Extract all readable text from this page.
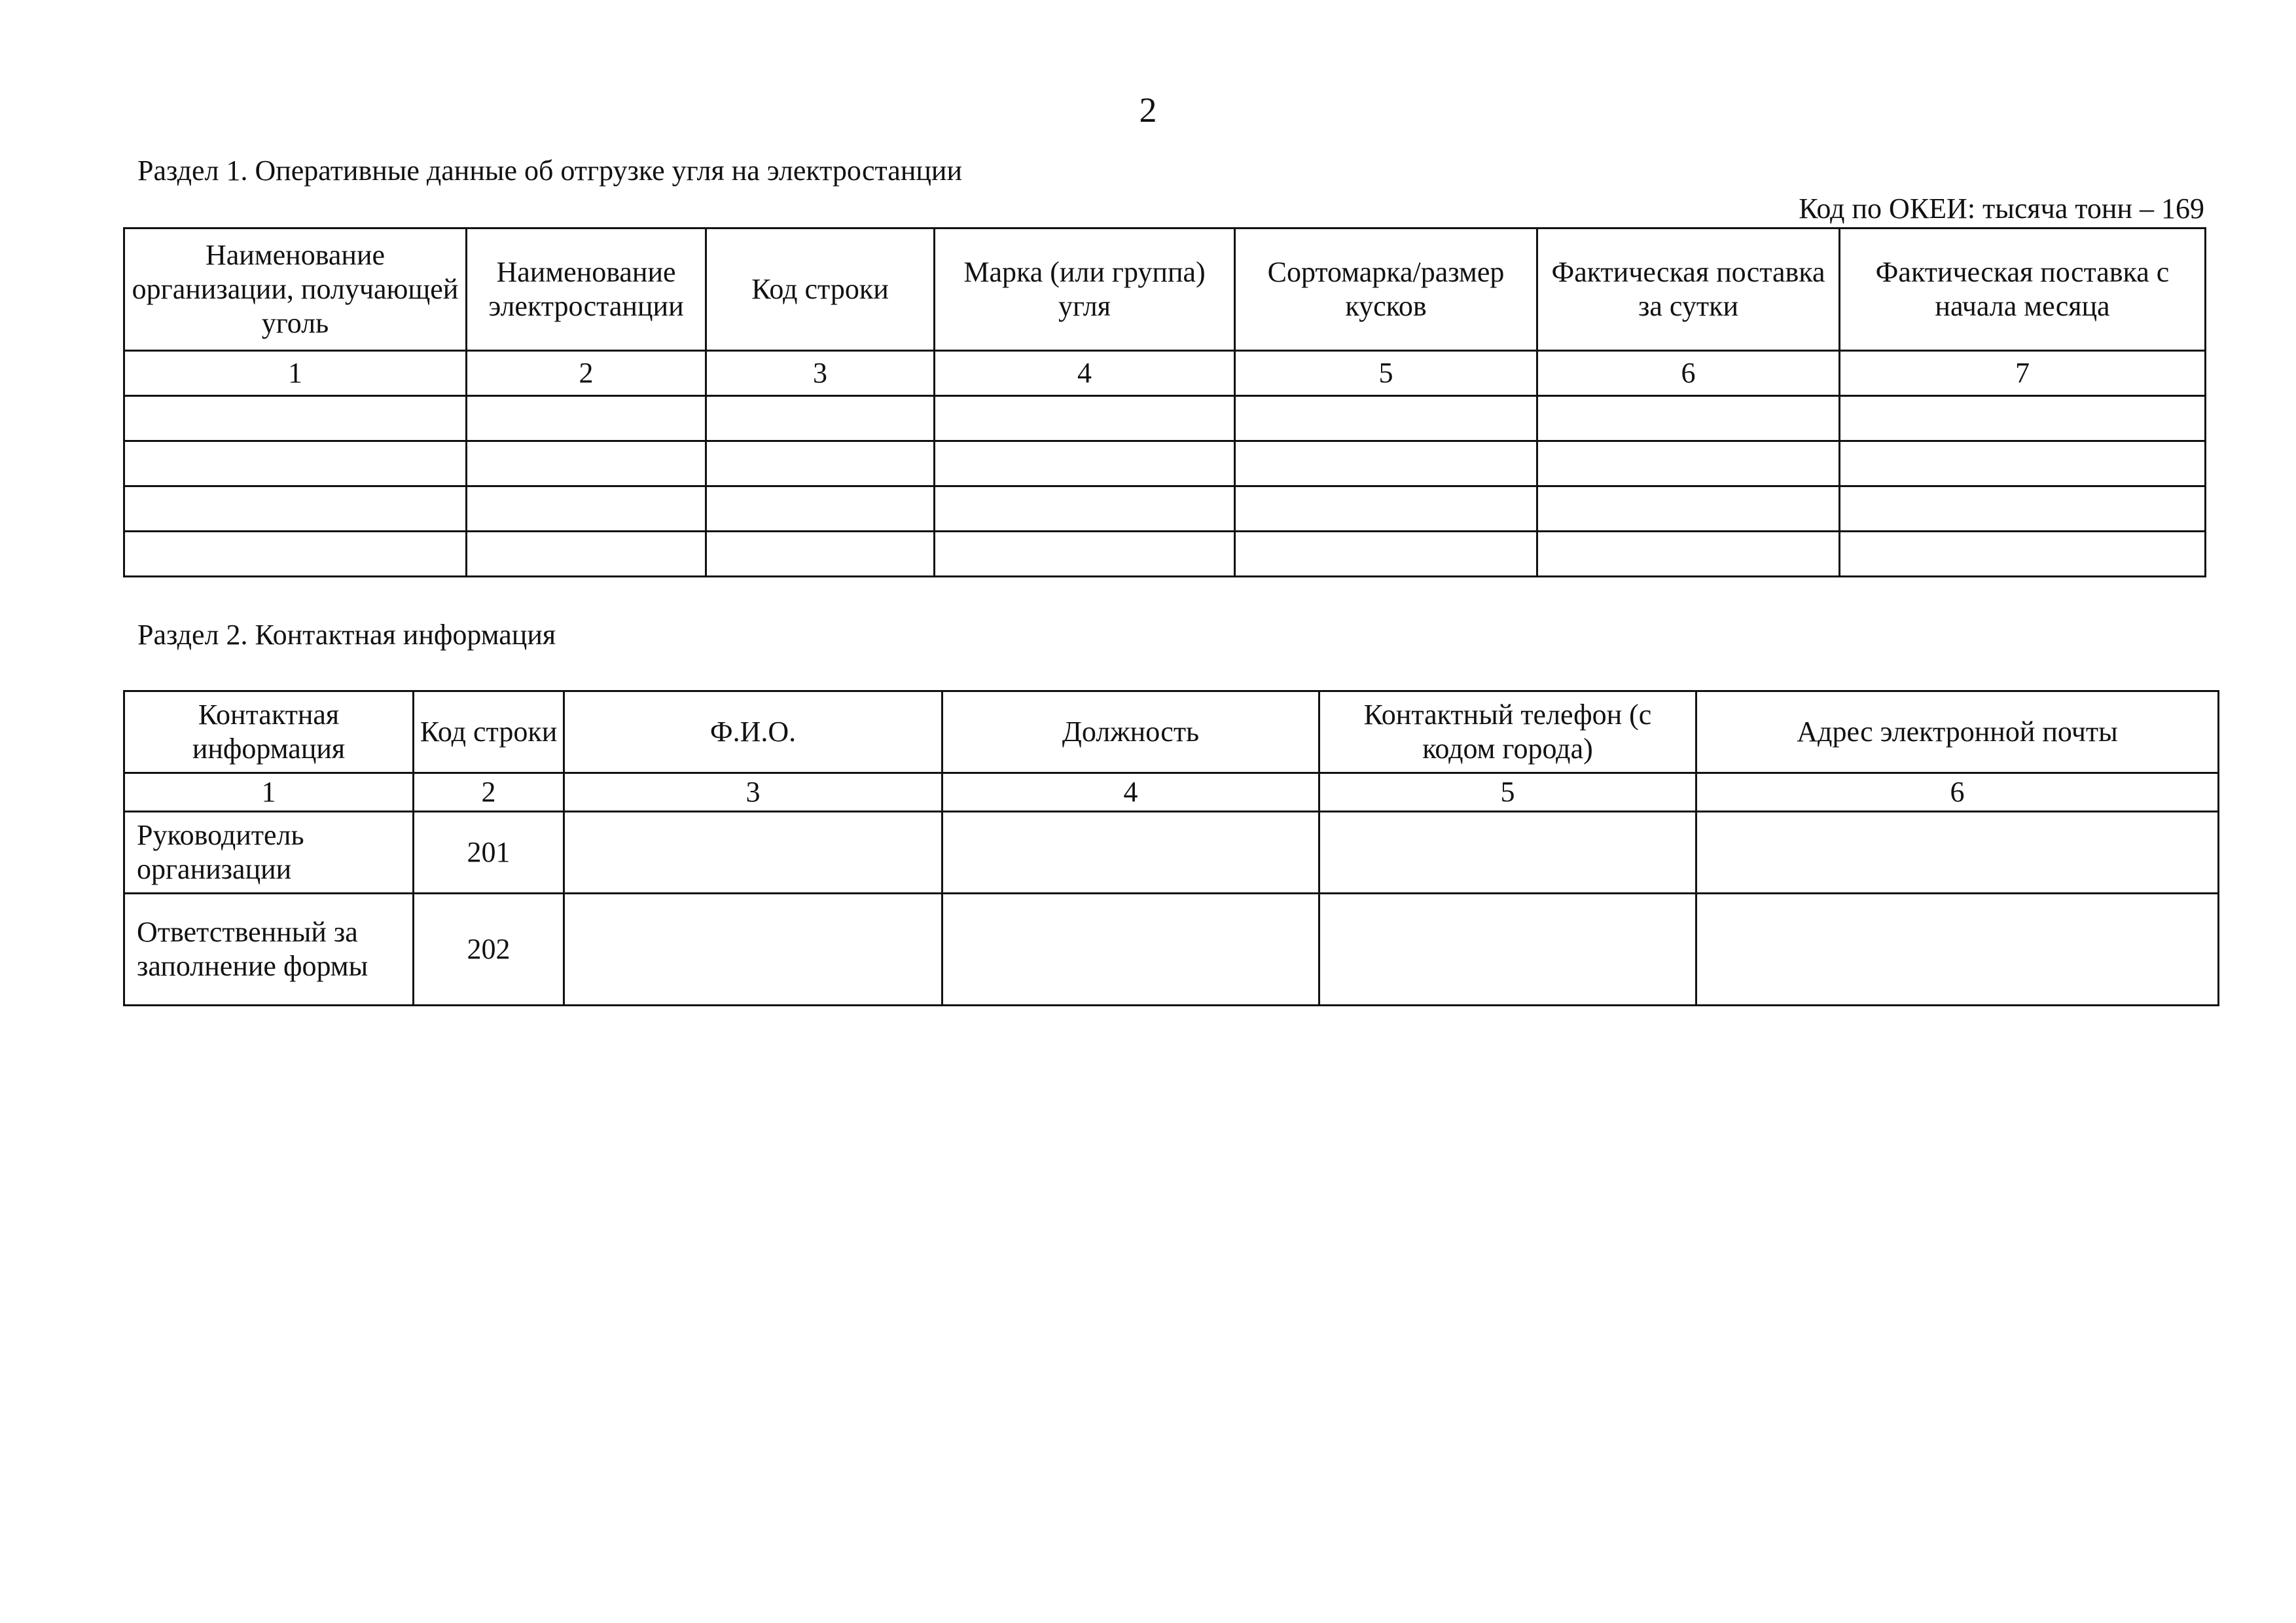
2
Раздел 1. Оперативные данные об отгрузке угля на электростанции
Код по ОКЕИ: тысяча тонн – 169
Наименование организации, получающей уголь	Наименование электростанции	Код строки	Марка (или группа) угля	Сортомарка/размер кусков	Фактическая поставка за сутки	Фактическая поставка с начала месяца
1	2	3	4	5	6	7

Раздел 2. Контактная информация
Контактная информация	Код строки	Ф.И.О.	Должность	Контактный телефон (с кодом города)	Адрес электронной почты
1	2	3	4	5	6
Руководитель организации	201				
Ответственный за заполнение формы	202				
